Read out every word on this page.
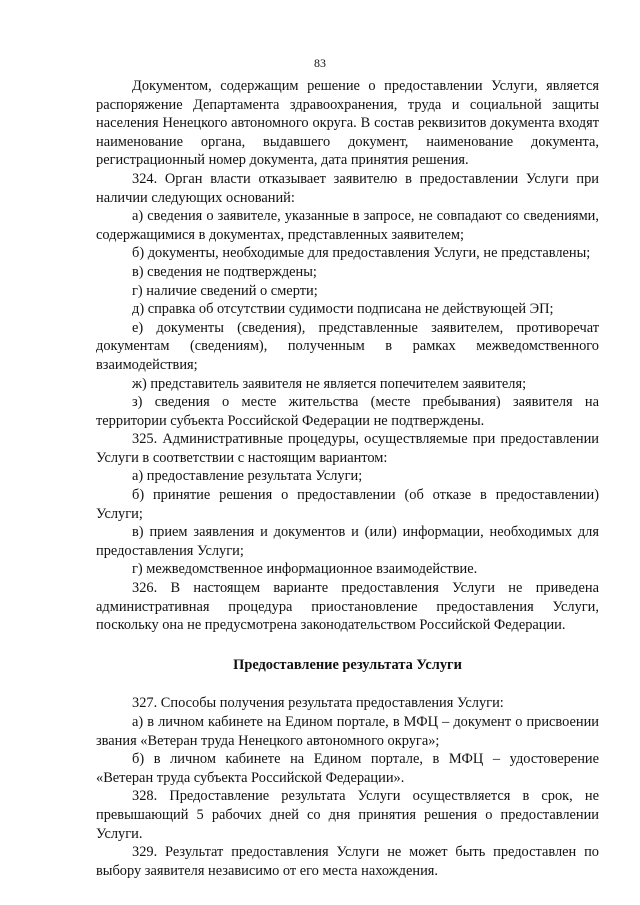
83

Документом, содержащим решение о предоставлении Услуги, является распоряжение Департамента здравоохранения, труда и социальной защиты населения Ненецкого автономного округа. В состав реквизитов документа входят наименование органа, выдавшего документ, наименование документа, регистрационный номер документа, дата принятия решения.

324. Орган власти отказывает заявителю в предоставлении Услуги при наличии следующих оснований:

а) сведения о заявителе, указанные в запросе, не совпадают со сведениями, содержащимися в документах, представленных заявителем;

б) документы, необходимые для предоставления Услуги, не представлены;

в) сведения не подтверждены;

г) наличие сведений о смерти;

д) справка об отсутствии судимости подписана не действующей ЭП;

е) документы (сведения), представленные заявителем, противоречат документам (сведениям), полученным в рамках межведомственного взаимодействия;

ж) представитель заявителя не является попечителем заявителя;

з) сведения о месте жительства (месте пребывания) заявителя на территории субъекта Российской Федерации не подтверждены.

325. Административные процедуры, осуществляемые при предоставлении Услуги в соответствии с настоящим вариантом:

а) предоставление результата Услуги;

б) принятие решения о предоставлении (об отказе в предоставлении) Услуги;

в) прием заявления и документов и (или) информации, необходимых для предоставления Услуги;

г) межведомственное информационное взаимодействие.

326. В настоящем варианте предоставления Услуги не приведена административная процедура приостановление предоставления Услуги, поскольку она не предусмотрена законодательством Российской Федерации.

Предоставление результата Услуги

327. Способы получения результата предоставления Услуги:

а) в личном кабинете на Едином портале, в МФЦ – документ о присвоении звания «Ветеран труда Ненецкого автономного округа»;

б) в личном кабинете на Едином портале, в МФЦ – удостоверение «Ветеран труда субъекта Российской Федерации».

328. Предоставление результата Услуги осуществляется в срок, не превышающий 5 рабочих дней со дня принятия решения о предоставлении Услуги.

329. Результат предоставления Услуги не может быть предоставлен по выбору заявителя независимо от его места нахождения.
